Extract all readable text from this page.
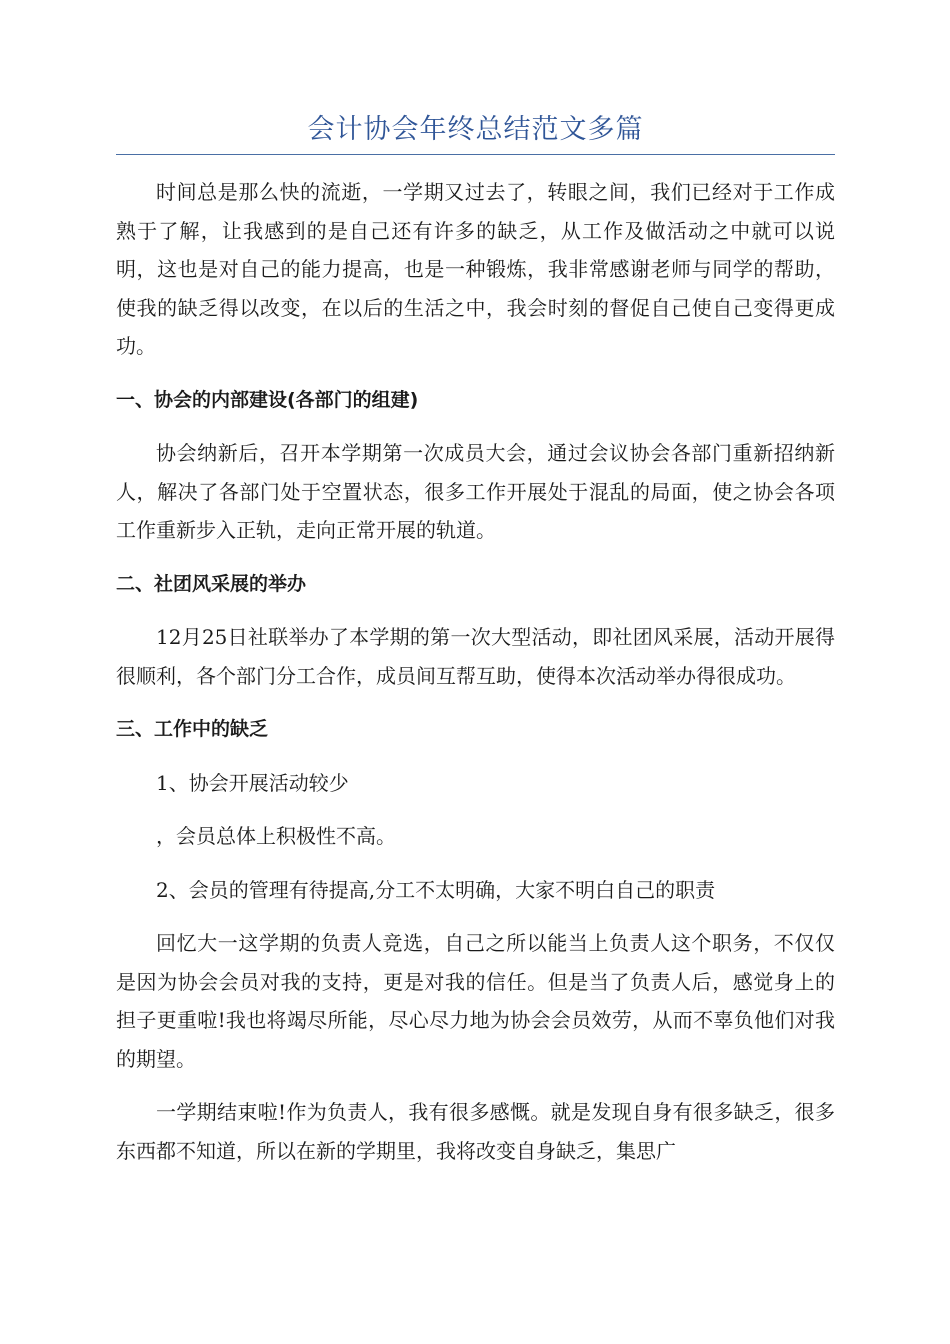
会计协会年终总结范文多篇

时间总是那么快的流逝，一学期又过去了，转眼之间，我们已经对于工作成熟于了解，让我感到的是自己还有许多的缺乏，从工作及做活动之中就可以说明，这也是对自己的能力提高，也是一种锻炼，我非常感谢老师与同学的帮助，使我的缺乏得以改变，在以后的生活之中，我会时刻的督促自己使自己变得更成功。

一、协会的内部建设(各部门的组建)

协会纳新后，召开本学期第一次成员大会，通过会议协会各部门重新招纳新人，解决了各部门处于空置状态，很多工作开展处于混乱的局面，使之协会各项工作重新步入正轨，走向正常开展的轨道。

二、社团风采展的举办

12月25日社联举办了本学期的第一次大型活动，即社团风采展，活动开展得很顺利，各个部门分工合作，成员间互帮互助，使得本次活动举办得很成功。

三、工作中的缺乏

1、协会开展活动较少

，会员总体上积极性不高。

2、会员的管理有待提高,分工不太明确，大家不明白自己的职责

回忆大一这学期的负责人竞选，自己之所以能当上负责人这个职务，不仅仅是因为协会会员对我的支持，更是对我的信任。但是当了负责人后，感觉身上的担子更重啦!我也将竭尽所能，尽心尽力地为协会会员效劳，从而不辜负他们对我的期望。

一学期结束啦!作为负责人，我有很多感慨。就是发现自身有很多缺乏，很多东西都不知道，所以在新的学期里，我将改变自身缺乏，集思广
